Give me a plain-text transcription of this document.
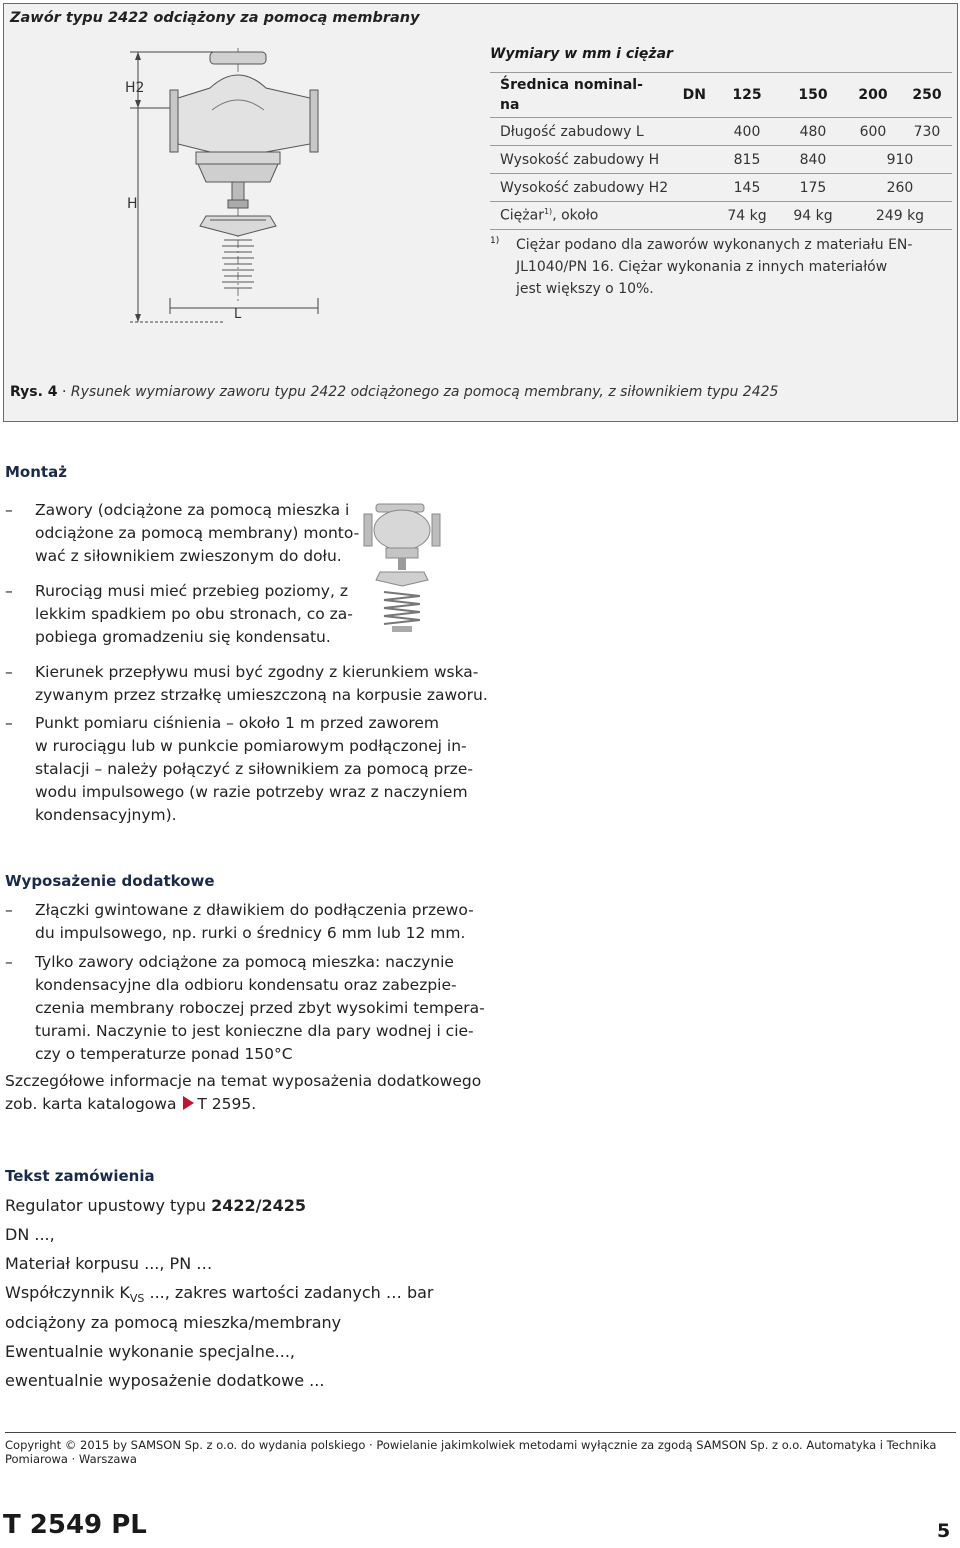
Zawór typu 2422 odciążony za pomocą membrany
H2
H
L
Wymiary w mm i ciężar
Średnica nominal-
na	DN	125	150	200	250
Długość zabudowy L		400	480	600	730
Wysokość zabudowy H		815	840	910	
Wysokość zabudowy H2		145	175	260	
Ciężar$^{1)}$, około		74 kg	94 kg	249 kg	
1) Ciężar podano dla zaworów wykonanych z materiału EN-JL1040/PN 16. Ciężar wykonania z innych materiałów jest większy o 10%.
Rys. 4 · Rysunek wymiarowy zaworu typu 2422 odciążonego za pomocą membrany, z siłownikiem typu 2425
Montaż
– Zawory (odciążone za pomocą mieszka i
odciążone za pomocą membrany) monto-
wać z siłownikiem zwieszonym do dołu.
– Rurociąg musi mieć przebieg poziomy, z
lekkim spadkiem po obu stronach, co za-
pobiega gromadzeniu się kondensatu.
– Kierunek przepływu musi być zgodny z kierunkiem wska-
zywanym przez strzałkę umieszczoną na korpusie zaworu.
– Punkt pomiaru ciśnienia – około 1 m przed zaworem
w rurociągu lub w punkcie pomiarowym podłączonej in-
stalacji – należy połączyć z siłownikiem za pomocą prze-
wodu impulsowego (w razie potrzeby wraz z naczyniem
kondensacyjnym).
Wyposażenie dodatkowe
– Złączki gwintowane z dławikiem do podłączenia przewo-
du impulsowego, np. rurki o średnicy 6 mm lub 12 mm.
– Tylko zawory odciążone za pomocą mieszka: naczynie
kondensacyjne dla odbioru kondensatu oraz zabezpie-
czenia membrany roboczej przed zbyt wysokimi tempera-
turami. Naczynie to jest konieczne dla pary wodnej i cie-
czy o temperaturze ponad 150°C
Szczegółowe informacje na temat wyposażenia dodatkowego
zob. karta katalogowa T 2595.
Tekst zamówienia
Regulator upustowy typu 2422/2425
DN ...,
Materiał korpusu ..., PN …
Współczynnik $K_{VS}$ ..., zakres wartości zadanych … bar
odciążony za pomocą mieszka/membrany
Ewentualnie wykonanie specjalne...,
ewentualnie wyposażenie dodatkowe ...
Copyright © 2015 by SAMSON Sp. z o.o. do wydania polskiego · Powielanie jakimkolwiek metodami wyłącznie za zgodą SAMSON Sp. z o.o. Automatyka i Technika Pomiarowa · Warszawa
T 2549 PL	5
